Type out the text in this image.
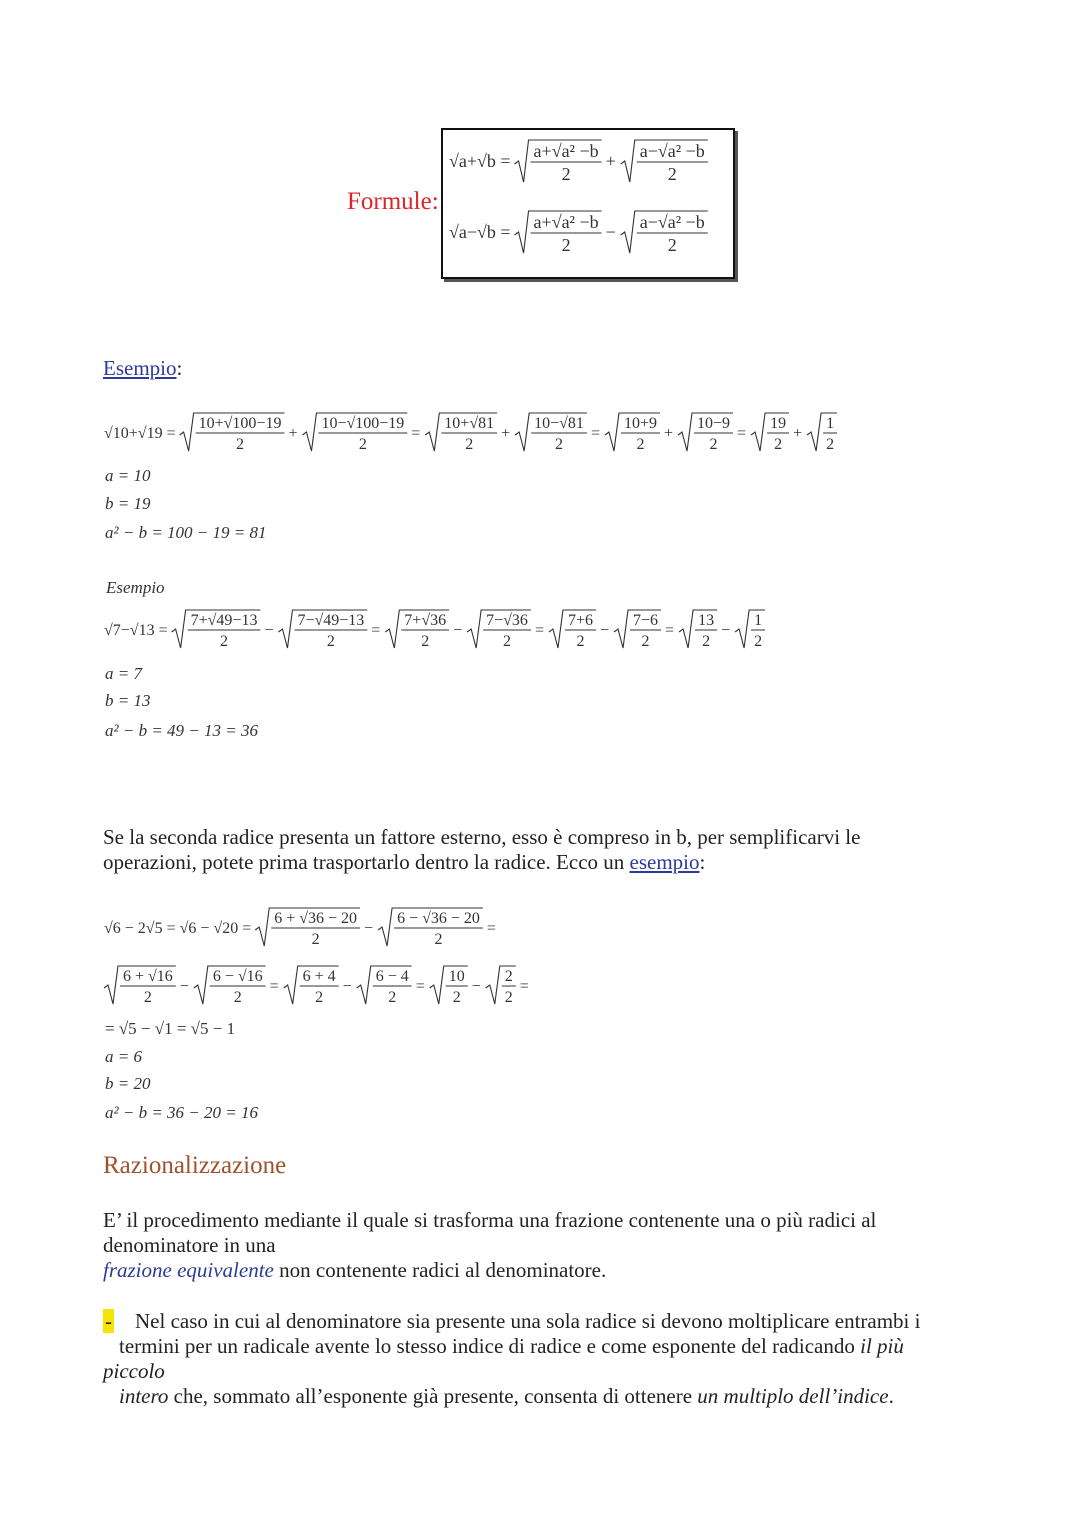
Formule:
√a+√b = a+√a² −b
2
+ a−√a² −b
2
√a−√b = a+√a² −b
2
− a−√a² −b
2
Esempio:
√10+√19 =
10+√100−19
2
+
10−√100−19
2
=
10+√81
2
+
10−√81
2
=
10+9
2
+
10−9
2
=
19
2
+
1
2
a = 10
b = 19
a² − b = 100 − 19 = 81
Esempio
√7−√13 =
7+√49−13
2
−
7−√49−13
2
=
7+√36
2
−
7−√36
2
=
7+6
2
−
7−6
2
=
13
2
−
1
2
a = 7
b = 13
a² − b = 49 − 13 = 36
Se la seconda radice presenta un fattore esterno, esso è compreso in b, per semplificarvi le
operazioni, potete prima trasportarlo dentro la radice. Ecco un esempio:
√6 − 2√5 = √6 − √20 =
6 + √36 − 20
2
−
6 − √36 − 20
2
=
6 + √16
2
−
6 − √16
2
=
6 + 4
2
−
6 − 4
2
=
10
2
−
2
2
=
= √5 − √1 = √5 − 1
a = 6
b = 20
a² − b = 36 − 20 = 16
Razionalizzazione
E’ il procedimento mediante il quale si trasforma una frazione contenente una o più radici al
denominatore in una
frazione equivalente non contenente radici al denominatore.
- Nel caso in cui al denominatore sia presente una sola radice si devono moltiplicare entrambi i
termini per un radicale avente lo stesso indice di radice e come esponente del radicando il più
piccolo
intero che, sommato all’esponente già presente, consenta di ottenere un multiplo dell’indice.
